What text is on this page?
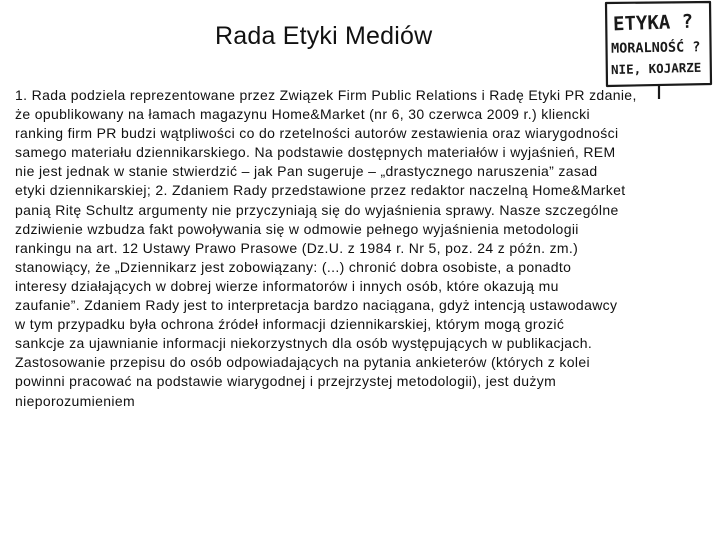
Rada Etyki Mediów	ETYKA ?
MORALNOŚĆ ?
NIE, KOJARZE
1. Rada podziela reprezentowane przez Związek Firm Public Relations i Radę Etyki PR zdanie,
że opublikowany na łamach magazynu Home&Market (nr 6, 30 czerwca 2009 r.) kliencki
ranking firm PR budzi wątpliwości co do rzetelności autorów zestawienia oraz wiarygodności
samego materiału dziennikarskiego. Na podstawie dostępnych materiałów i wyjaśnień, REM
nie jest jednak w stanie stwierdzić – jak Pan sugeruje – „drastycznego naruszenia” zasad
etyki dziennikarskiej; 2. Zdaniem Rady przedstawione przez redaktor naczelną Home&Market
panią Ritę Schultz argumenty nie przyczyniają się do wyjaśnienia sprawy. Nasze szczególne
zdziwienie wzbudza fakt powoływania się w odmowie pełnego wyjaśnienia metodologii
rankingu na art. 12 Ustawy Prawo Prasowe (Dz.U. z 1984 r. Nr 5, poz. 24 z późn. zm.)
stanowiący, że „Dziennikarz jest zobowiązany: (...) chronić dobra osobiste, a ponadto
interesy działających w dobrej wierze informatorów i innych osób, które okazują mu
zaufanie”. Zdaniem Rady jest to interpretacja bardzo naciągana, gdyż intencją ustawodawcy
w tym przypadku była ochrona źródeł informacji dziennikarskiej, którym mogą grozić
sankcje za ujawnianie informacji niekorzystnych dla osób występujących w publikacjach.
Zastosowanie przepisu do osób odpowiadających na pytania ankieterów (których z kolei
powinni pracować na podstawie wiarygodnej i przejrzystej metodologii), jest dużym
nieporozumieniem
